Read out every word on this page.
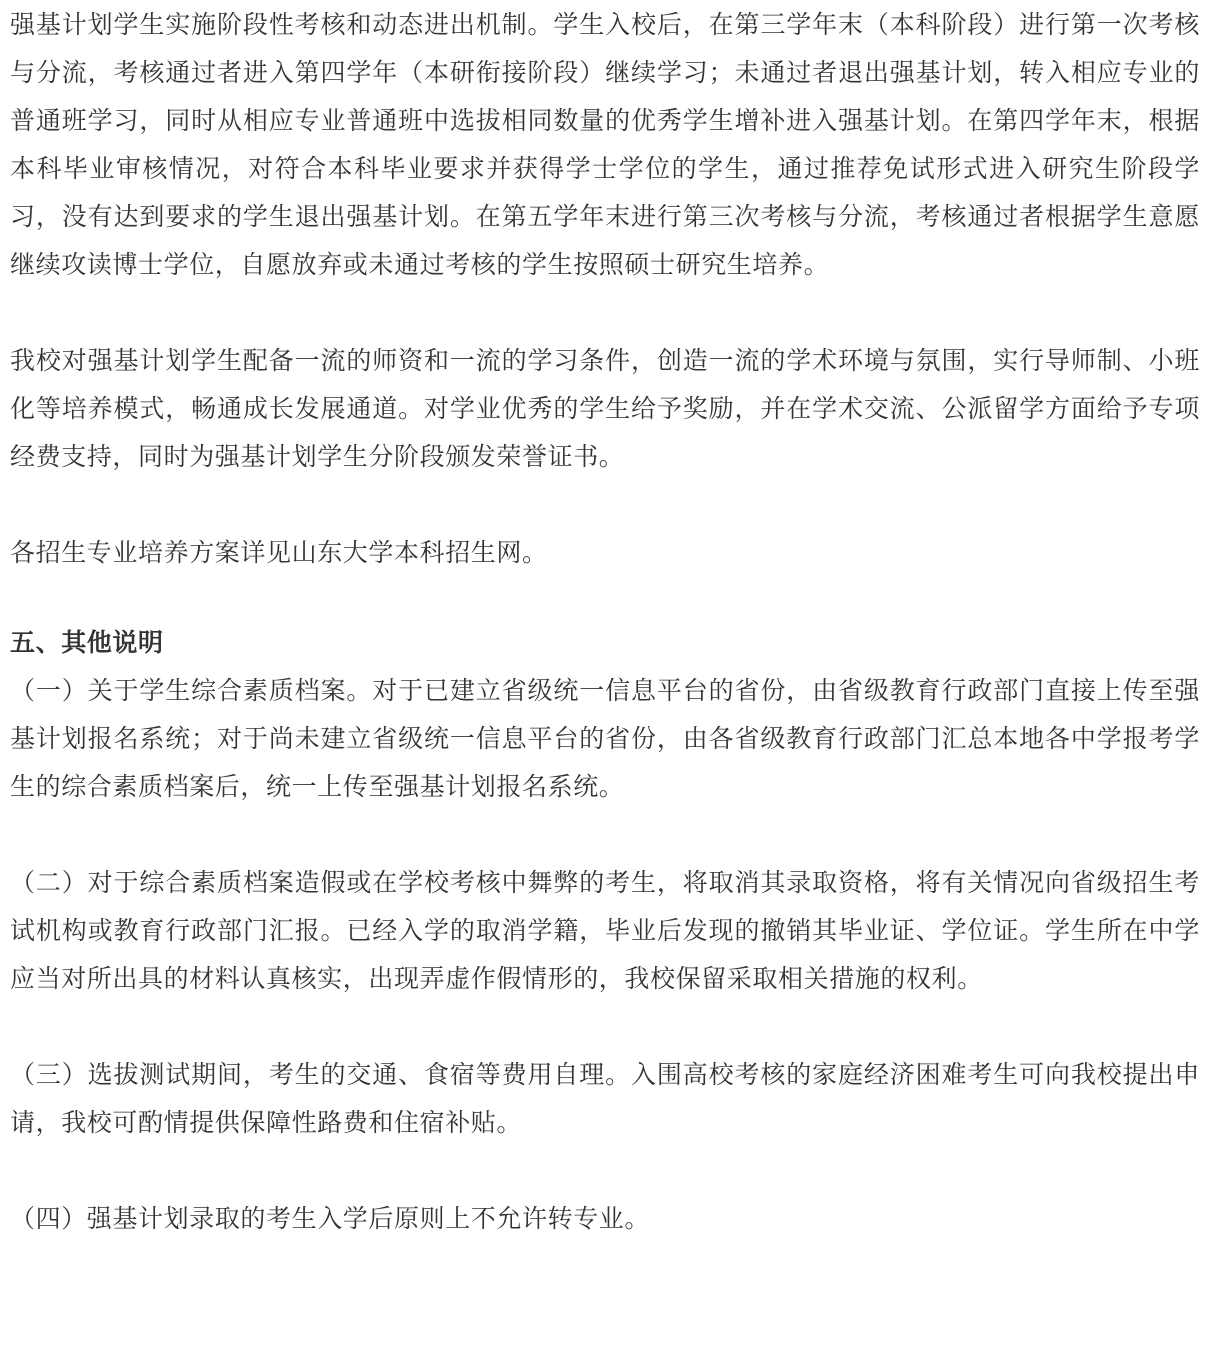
强基计划学生实施阶段性考核和动态进出机制。学生入校后，在第三学年末（本科阶段）进行第一次考核与分流，考核通过者进入第四学年（本研衔接阶段）继续学习；未通过者退出强基计划，转入相应专业的普通班学习，同时从相应专业普通班中选拔相同数量的优秀学生增补进入强基计划。在第四学年末，根据本科毕业审核情况，对符合本科毕业要求并获得学士学位的学生，通过推荐免试形式进入研究生阶段学习，没有达到要求的学生退出强基计划。在第五学年末进行第三次考核与分流，考核通过者根据学生意愿继续攻读博士学位，自愿放弃或未通过考核的学生按照硕士研究生培养。

我校对强基计划学生配备一流的师资和一流的学习条件，创造一流的学术环境与氛围，实行导师制、小班化等培养模式，畅通成长发展通道。对学业优秀的学生给予奖励，并在学术交流、公派留学方面给予专项经费支持，同时为强基计划学生分阶段颁发荣誉证书。

各招生专业培养方案详见山东大学本科招生网。

五、其他说明

（一）关于学生综合素质档案。对于已建立省级统一信息平台的省份，由省级教育行政部门直接上传至强基计划报名系统；对于尚未建立省级统一信息平台的省份，由各省级教育行政部门汇总本地各中学报考学生的综合素质档案后，统一上传至强基计划报名系统。

（二）对于综合素质档案造假或在学校考核中舞弊的考生，将取消其录取资格，将有关情况向省级招生考试机构或教育行政部门汇报。已经入学的取消学籍，毕业后发现的撤销其毕业证、学位证。学生所在中学应当对所出具的材料认真核实，出现弄虚作假情形的，我校保留采取相关措施的权利。

（三）选拔测试期间，考生的交通、食宿等费用自理。入围高校考核的家庭经济困难考生可向我校提出申请，我校可酌情提供保障性路费和住宿补贴。

（四）强基计划录取的考生入学后原则上不允许转专业。
